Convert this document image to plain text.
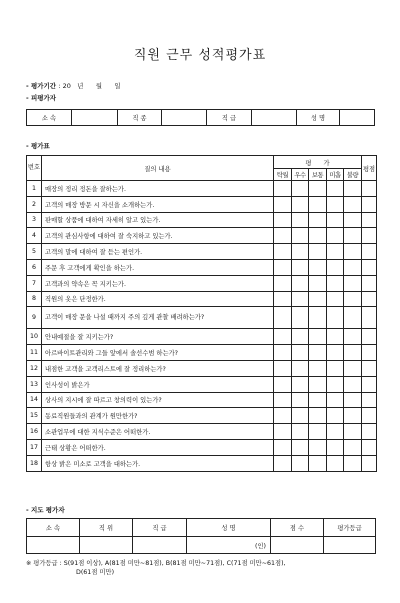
직원 근무 성적평가표
- 평가기간 : 20   년      월      일
- 피평가자
소 속		직 종		직 급		성 명	
- 평가표
번호	질의 내용	평      가					평점
		탁월	우수	보통	미흡	불량	
1	매장의 정리 정돈을 잘하는가.						
2	고객의 매장 방문 시 자신을 소개하는가.						
3	판매할 상품에 대하여 자세히 알고 있는가.						
4	고객의 관심사항에 대하여 잘 숙지하고 있는가.						
5	고객의 말에 대하여 잘 듣는 편인가.						
6	주문 후 고객에게 확인을 하는가.						
7	고객과의 약속은 꼭 지키는가.						
8	직원의 옷은 단정한가.						
9	고객이 매장 문을 나설 때까지 주의 깊게 관찰 배려하는가?						
10	안내예절을 잘 지키는가?						
11	아르바이트관리와 그들 앞에서 솔선수범 하는가?						
12	내점한 고객을 고객리스트에 잘 정리하는가?						
13	인사성이 밝은가						
14	상사의 지시에 잘 따르고 창의력이 있는가?						
15	동료직원들과의 관계가 원만한가?						
16	소관업무에 대한 지식수준은 어떠한가.						
17	근태 상황은 어떠한가.						
18	항상 밝은 미소로 고객을 대하는가.						
- 지도 평가자
소 속	직 위	직 급	성 명	점 수	평가등급
			(인)		
※ 평가등급 : S(91점 이상), A(81점 미만~81점), B(81점 미만~71점), C(71점 미만~61점),
D(61점 미만)
